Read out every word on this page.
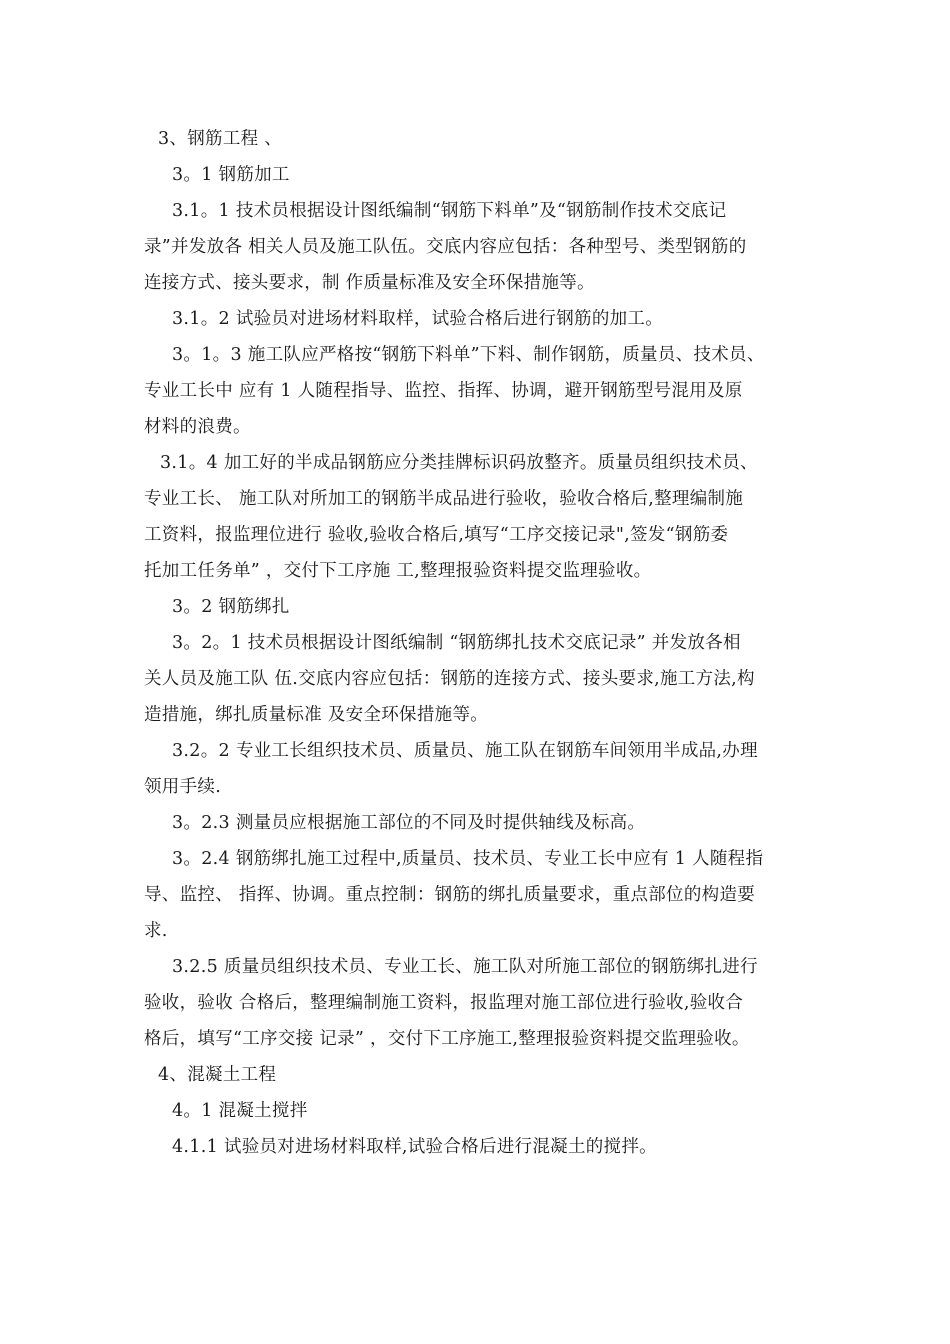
3、钢筋工程 、
3。1 钢筋加工
3.1。1 技术员根据设计图纸编制“钢筋下料单”及“钢筋制作技术交底记
录”并发放各 相关人员及施工队伍。交底内容应包括：各种型号、类型钢筋的
连接方式、接头要求，制 作质量标准及安全环保措施等。
3.1。2 试验员对进场材料取样，试验合格后进行钢筋的加工。
3。1。3 施工队应严格按“钢筋下料单”下料、制作钢筋，质量员、技术员、
专业工长中 应有 1 人随程指导、监控、指挥、协调，避开钢筋型号混用及原
材料的浪费。
3.1。4 加工好的半成品钢筋应分类挂牌标识码放整齐。质量员组织技术员、
专业工长、 施工队对所加工的钢筋半成品进行验收，验收合格后,整理编制施
工资料，报监理位进行 验收,验收合格后,填写“工序交接记录",签发“钢筋委
托加工任务单” ，交付下工序施 工,整理报验资料提交监理验收。
3。2 钢筋绑扎
3。2。1 技术员根据设计图纸编制 “钢筋绑扎技术交底记录” 并发放各相
关人员及施工队 伍.交底内容应包括：钢筋的连接方式、接头要求,施工方法,构
造措施，绑扎质量标准 及安全环保措施等。
3.2。2 专业工长组织技术员、质量员、施工队在钢筋车间领用半成品,办理
领用手续.
3。2.3 测量员应根据施工部位的不同及时提供轴线及标高。
3。2.4 钢筋绑扎施工过程中,质量员、技术员、专业工长中应有 1 人随程指
导、监控、 指挥、协调。重点控制：钢筋的绑扎质量要求，重点部位的构造要
求.
3.2.5 质量员组织技术员、专业工长、施工队对所施工部位的钢筋绑扎进行
验收，验收 合格后，整理编制施工资料，报监理对施工部位进行验收,验收合
格后，填写“工序交接 记录” ，交付下工序施工,整理报验资料提交监理验收。
4、混凝土工程
4。1 混凝土搅拌
4.1.1 试验员对进场材料取样,试验合格后进行混凝土的搅拌。
